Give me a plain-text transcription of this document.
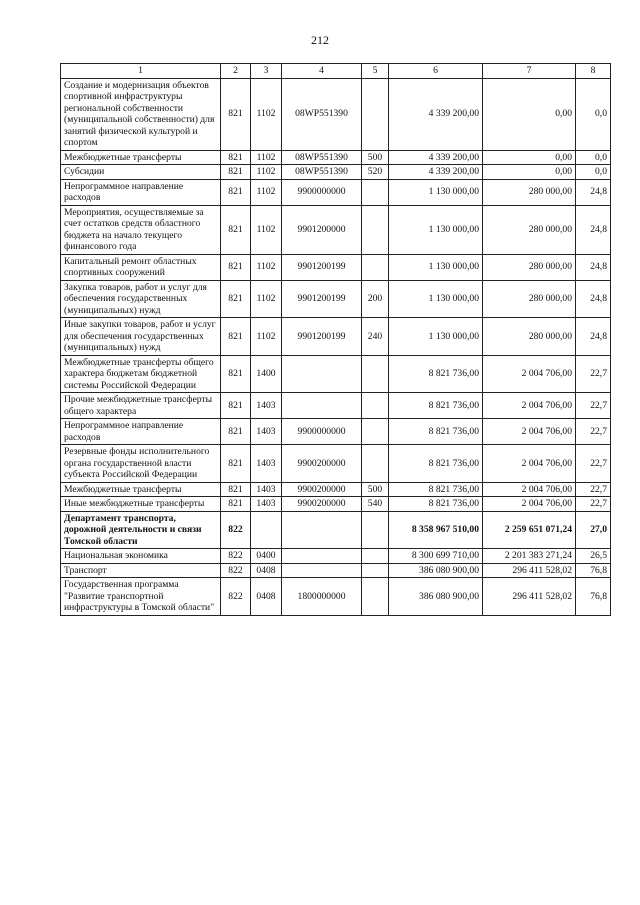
212
1	2	3	4	5	6	7	8
Создание и модернизация объектов спортивной инфраструктуры региональной собственности (муниципальной собственности) для занятий физической культурой и спортом	821	1102	08WP551390		4 339 200,00	0,00	0,0
Межбюджетные трансферты	821	1102	08WP551390	500	4 339 200,00	0,00	0,0
Субсидии	821	1102	08WP551390	520	4 339 200,00	0,00	0,0
Непрограммное направление расходов	821	1102	9900000000		1 130 000,00	280 000,00	24,8
Мероприятия, осуществляемые за счет остатков средств областного бюджета на начало текущего финансового года	821	1102	9901200000		1 130 000,00	280 000,00	24,8
Капитальный ремонт областных спортивных сооружений	821	1102	9901200199		1 130 000,00	280 000,00	24,8
Закупка товаров, работ и услуг для обеспечения государственных (муниципальных) нужд	821	1102	9901200199	200	1 130 000,00	280 000,00	24,8
Иные закупки товаров, работ и услуг для обеспечения государственных (муниципальных) нужд	821	1102	9901200199	240	1 130 000,00	280 000,00	24,8
Межбюджетные трансферты общего характера бюджетам бюджетной системы Российской Федерации	821	1400			8 821 736,00	2 004 706,00	22,7
Прочие межбюджетные трансферты общего характера	821	1403			8 821 736,00	2 004 706,00	22,7
Непрограммное направление расходов	821	1403	9900000000		8 821 736,00	2 004 706,00	22,7
Резервные фонды исполнительного органа государственной власти субъекта Российской Федерации	821	1403	9900200000		8 821 736,00	2 004 706,00	22,7
Межбюджетные трансферты	821	1403	9900200000	500	8 821 736,00	2 004 706,00	22,7
Иные межбюджетные трансферты	821	1403	9900200000	540	8 821 736,00	2 004 706,00	22,7
Департамент транспорта, дорожной деятельности и связи Томской области	822				8 358 967 510,00	2 259 651 071,24	27,0
Национальная экономика	822	0400			8 300 699 710,00	2 201 383 271,24	26,5
Транспорт	822	0408			386 080 900,00	296 411 528,02	76,8
Государственная программа "Развитие транспортной инфраструктуры в Томской области"	822	0408	1800000000		386 080 900,00	296 411 528,02	76,8
